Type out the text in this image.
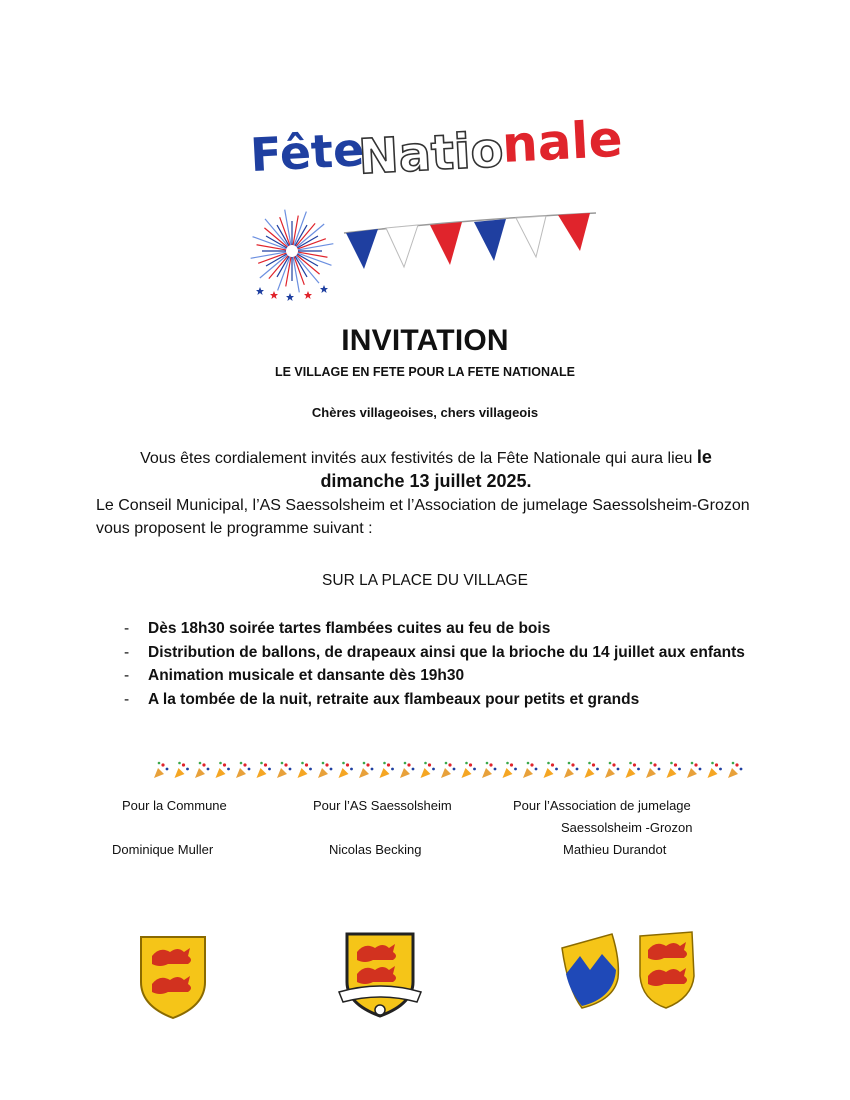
Fête
Natio
nale
INVITATION
LE VILLAGE EN FETE POUR LA FETE NATIONALE
Chères villageoises, chers villageois
Vous êtes cordialement invités aux festivités de la Fête Nationale qui aura lieu le dimanche 13 juillet 2025.
Le Conseil Municipal, l’AS Saessolsheim et l’Association de jumelage Saessolsheim-Grozon vous proposent le programme suivant :
SUR LA PLACE DU VILLAGE
- Dès 18h30 soirée tartes flambées cuites au feu de bois
- Distribution de ballons, de drapeaux ainsi que la brioche du 14 juillet aux enfants
- Animation musicale et dansante dès 19h30
- A la tombée de la nuit, retraite aux flambeaux pour petits et grands
Pour la Commune	Pour l’AS Saessolsheim	Pour l’Association de jumelage
Saessolsheim -Grozon
Dominique Muller	Nicolas Becking	Mathieu Durandot
